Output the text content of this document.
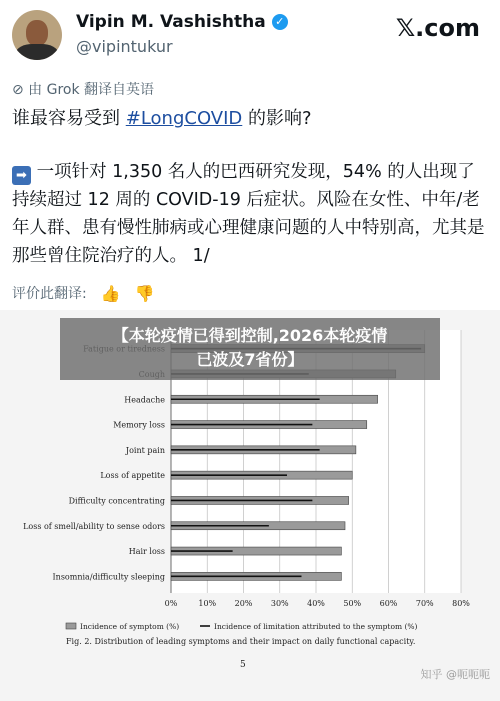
Vipin M. Vashishtha ✓
@vipintukur
𝕏.com
⊘ 由 Grok 翻译自英语
谁最容易受到 #LongCOVID 的影响?
➡ 一项针对 1,350 名人的巴西研究发现，54% 的人出现了持续超过 12 周的 COVID-19 后症状。风险在女性、中年/老年人群、患有慢性肺病或心理健康问题的人中特别高，尤其是那些曾住院治疗的人。 1/
评价此翻译: 👍 👎
0%	10% 20% 30% 40% 50% 60% 70% 80%
Headache
Memory loss
Joint pain
Loss of appetite
Difficulty concentrating
Loss of smell/ability to sense odors
Hair loss
Insomnia/difficulty sleeping
Incidence of symptom (%)	Incidence of limitation attributed to the symptom (%)
【本轮疫情已得到控制,2026本轮疫情
已波及7省份】
Fig. 2. Distribution of leading symptoms and their impact on daily functional capacity.
5
知乎 @呃呃呃
